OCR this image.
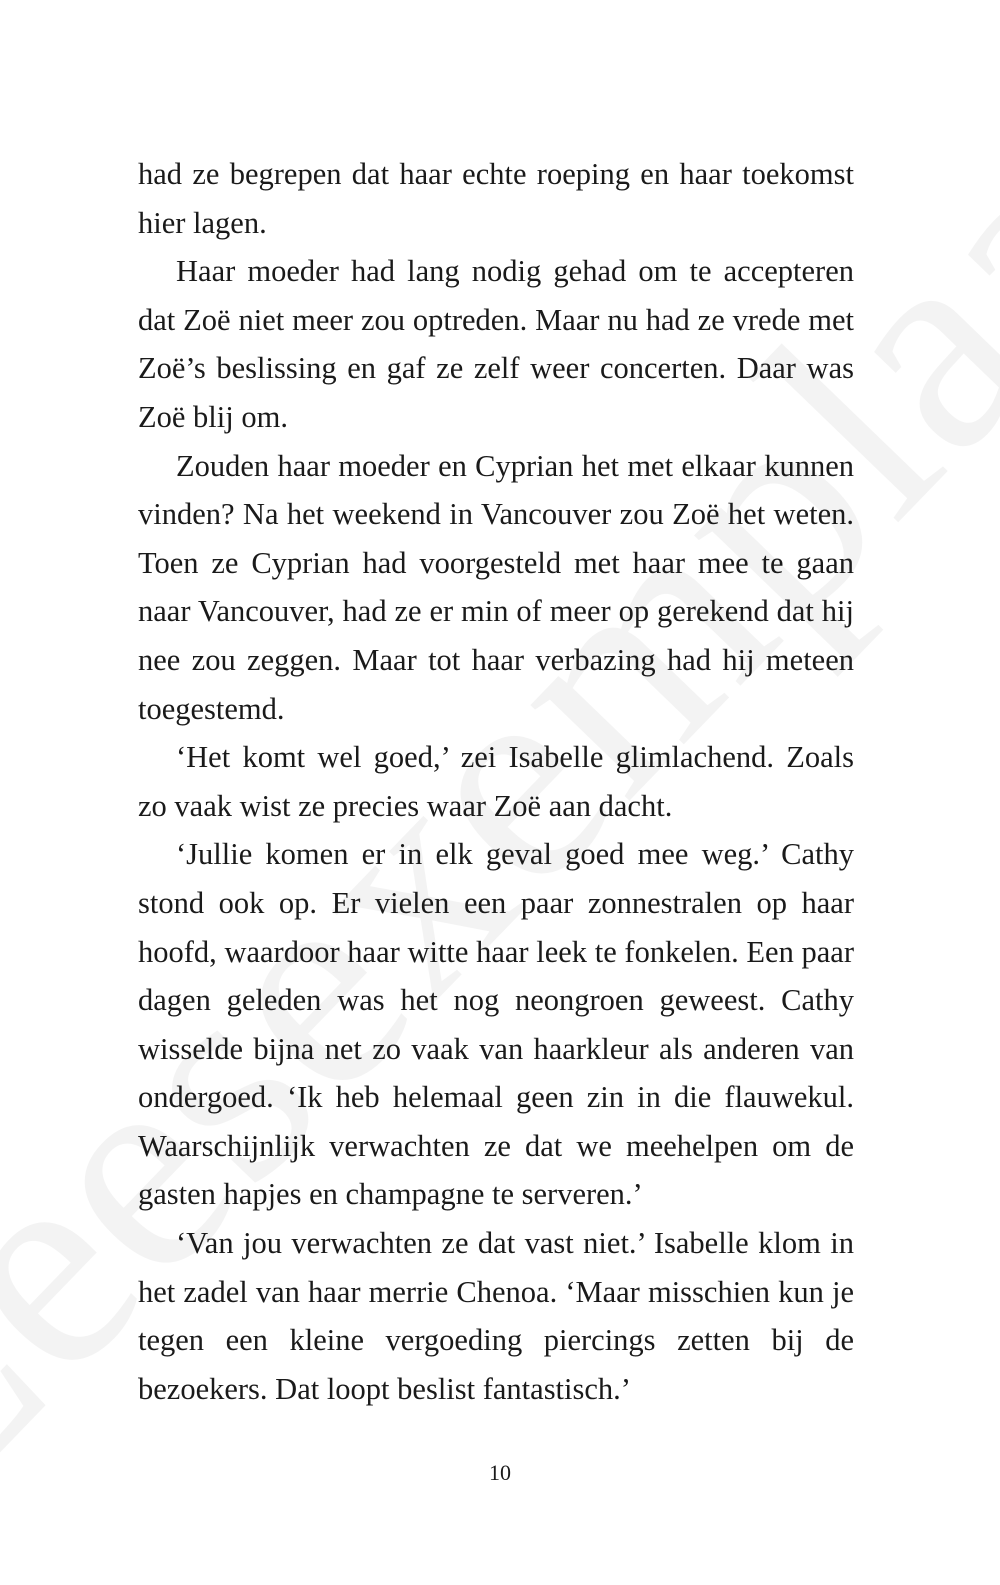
had ze begrepen dat haar echte roeping en haar toekomst hier lagen.

Haar moeder had lang nodig gehad om te accepteren dat Zoë niet meer zou optreden. Maar nu had ze vrede met Zoë’s beslissing en gaf ze zelf weer concerten. Daar was Zoë blij om.

Zouden haar moeder en Cyprian het met elkaar kunnen vinden? Na het weekend in Vancouver zou Zoë het weten. Toen ze Cyprian had voorgesteld met haar mee te gaan naar Vancouver, had ze er min of meer op gerekend dat hij nee zou zeggen. Maar tot haar verbazing had hij meteen toegestemd.

‘Het komt wel goed,’ zei Isabelle glimlachend. Zoals zo vaak wist ze precies waar Zoë aan dacht.

‘Jullie komen er in elk geval goed mee weg.’ Cathy stond ook op. Er vielen een paar zonnestralen op haar hoofd, waardoor haar witte haar leek te fonkelen. Een paar dagen geleden was het nog neongroen geweest. Cathy wisselde bijna net zo vaak van haarkleur als anderen van ondergoed. ‘Ik heb helemaal geen zin in die flauwekul. Waarschijnlijk verwachten ze dat we meehelpen om de gasten hapjes en champagne te serveren.’

‘Van jou verwachten ze dat vast niet.’ Isabelle klom in het zadel van haar merrie Chenoa. ‘Maar misschien kun je tegen een kleine vergoeding piercings zetten bij de bezoekers. Dat loopt beslist fantastisch.’

10
